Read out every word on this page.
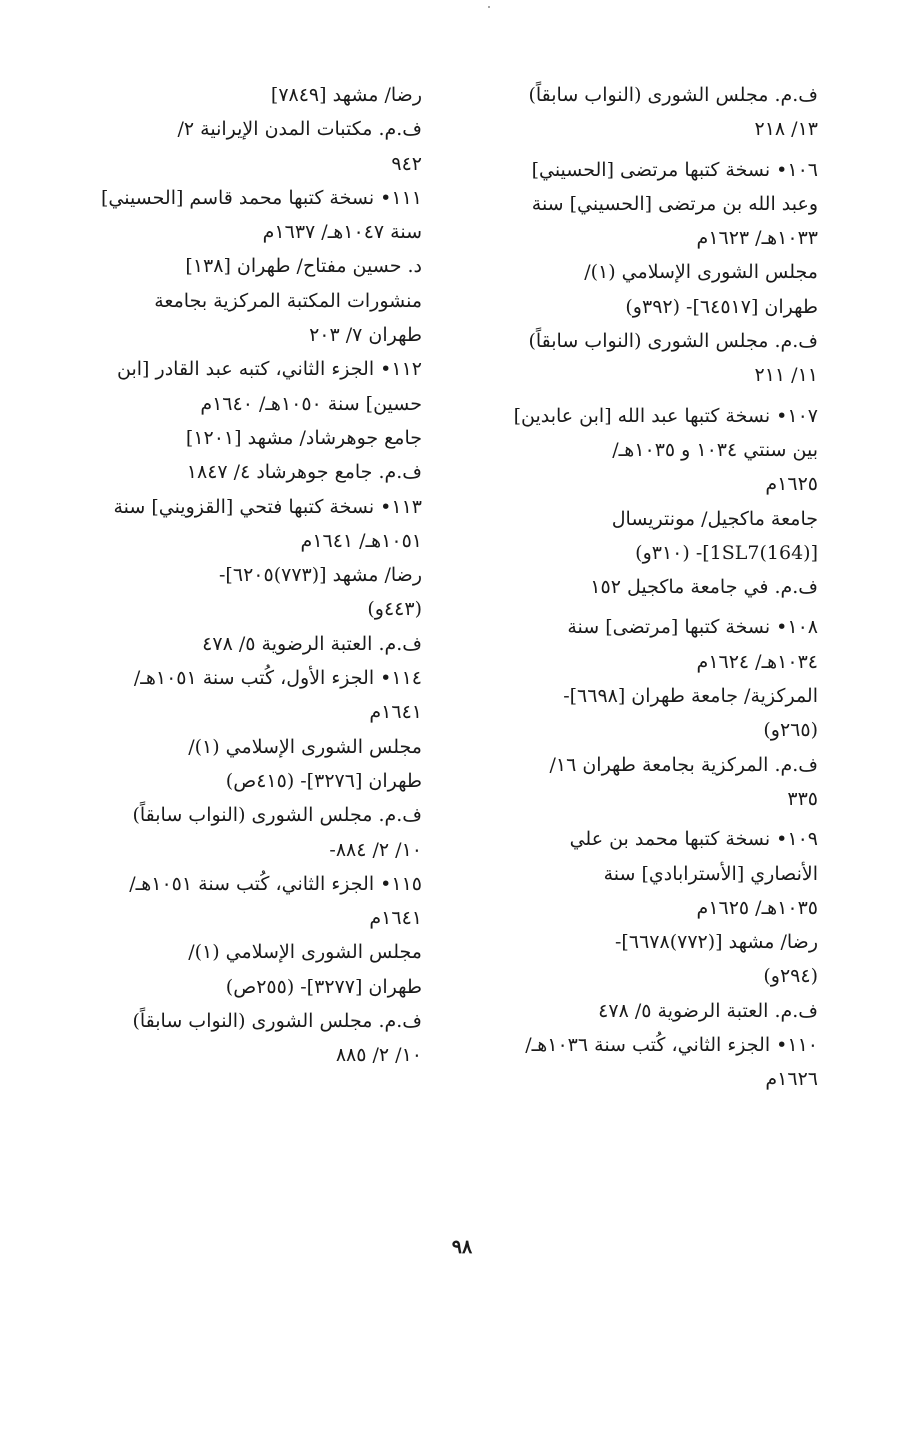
ف.م. مجلس الشورى (النواب سابقاً)
١٣/ ٢١٨
١٠٦• نسخة كتبها مرتضى [الحسيني]
وعبد الله بن مرتضى [الحسيني] سنة
١٠٣٣هـ/ ١٦٢٣م
مجلس الشورى الإسلامي (١)/
طهران [٦٤٥١٧]- (٣٩٢و)
ف.م. مجلس الشورى (النواب سابقاً)
١١/ ٢١١
١٠٧• نسخة كتبها عبد الله [ابن عابدين]
بين سنتي ١٠٣٤ و ١٠٣٥هـ/
١٦٢٥م
جامعة ماكجيل/ مونتريسال
[(164)1SL7]- (٣١٠و)
ف.م. في جامعة ماكجيل ١٥٢
١٠٨• نسخة كتبها [مرتضى] سنة
١٠٣٤هـ/ ١٦٢٤م
المركزية/ جامعة طهران [٦٦٩٨]-
(٢٦٥و)
ف.م. المركزية بجامعة طهران ١٦/
٣٣٥
١٠٩• نسخة كتبها محمد بن علي
الأنصاري [الأسترابادي] سنة
١٠٣٥هـ/ ١٦٢٥م
رضا/ مشهد [(٧٧٢)٦٦٧٨]-
(٢٩٤و)
ف.م. العتبة الرضوية ٥/ ٤٧٨
١١٠• الجزء الثاني، كُتب سنة ١٠٣٦هـ/
١٦٢٦م
رضا/ مشهد [٧٨٤٩]
ف.م. مكتبات المدن الإيرانية ٢/
٩٤٢
١١١• نسخة كتبها محمد قاسم [الحسيني]
سنة ١٠٤٧هـ/ ١٦٣٧م
د. حسين مفتاح/ طهران [١٣٨]
منشورات المكتبة المركزية بجامعة
طهران ٧/ ٢٠٣
١١٢• الجزء الثاني، كتبه عبد القادر [ابن
حسين] سنة ١٠٥٠هـ/ ١٦٤٠م
جامع جوهرشاد/ مشهد [١٢٠١]
ف.م. جامع جوهرشاد ٤/ ١٨٤٧
١١٣• نسخة كتبها فتحي [القزويني] سنة
١٠٥١هـ/ ١٦٤١م
رضا/ مشهد [(٧٧٣)٦٢٠٥]-
(٤٤٣و)
ف.م. العتبة الرضوية ٥/ ٤٧٨
١١٤• الجزء الأول، كُتب سنة ١٠٥١هـ/
١٦٤١م
مجلس الشورى الإسلامي (١)/
طهران [٣٢٧٦]- (٤١٥ص)
ف.م. مجلس الشورى (النواب سابقاً)
١٠/ ٢/ ٨٨٤-
١١٥• الجزء الثاني، كُتب سنة ١٠٥١هـ/
١٦٤١م
مجلس الشورى الإسلامي (١)/
طهران [٣٢٧٧]- (٢٥٥ص)
ف.م. مجلس الشورى (النواب سابقاً)
١٠/ ٢/ ٨٨٥
٩٨
